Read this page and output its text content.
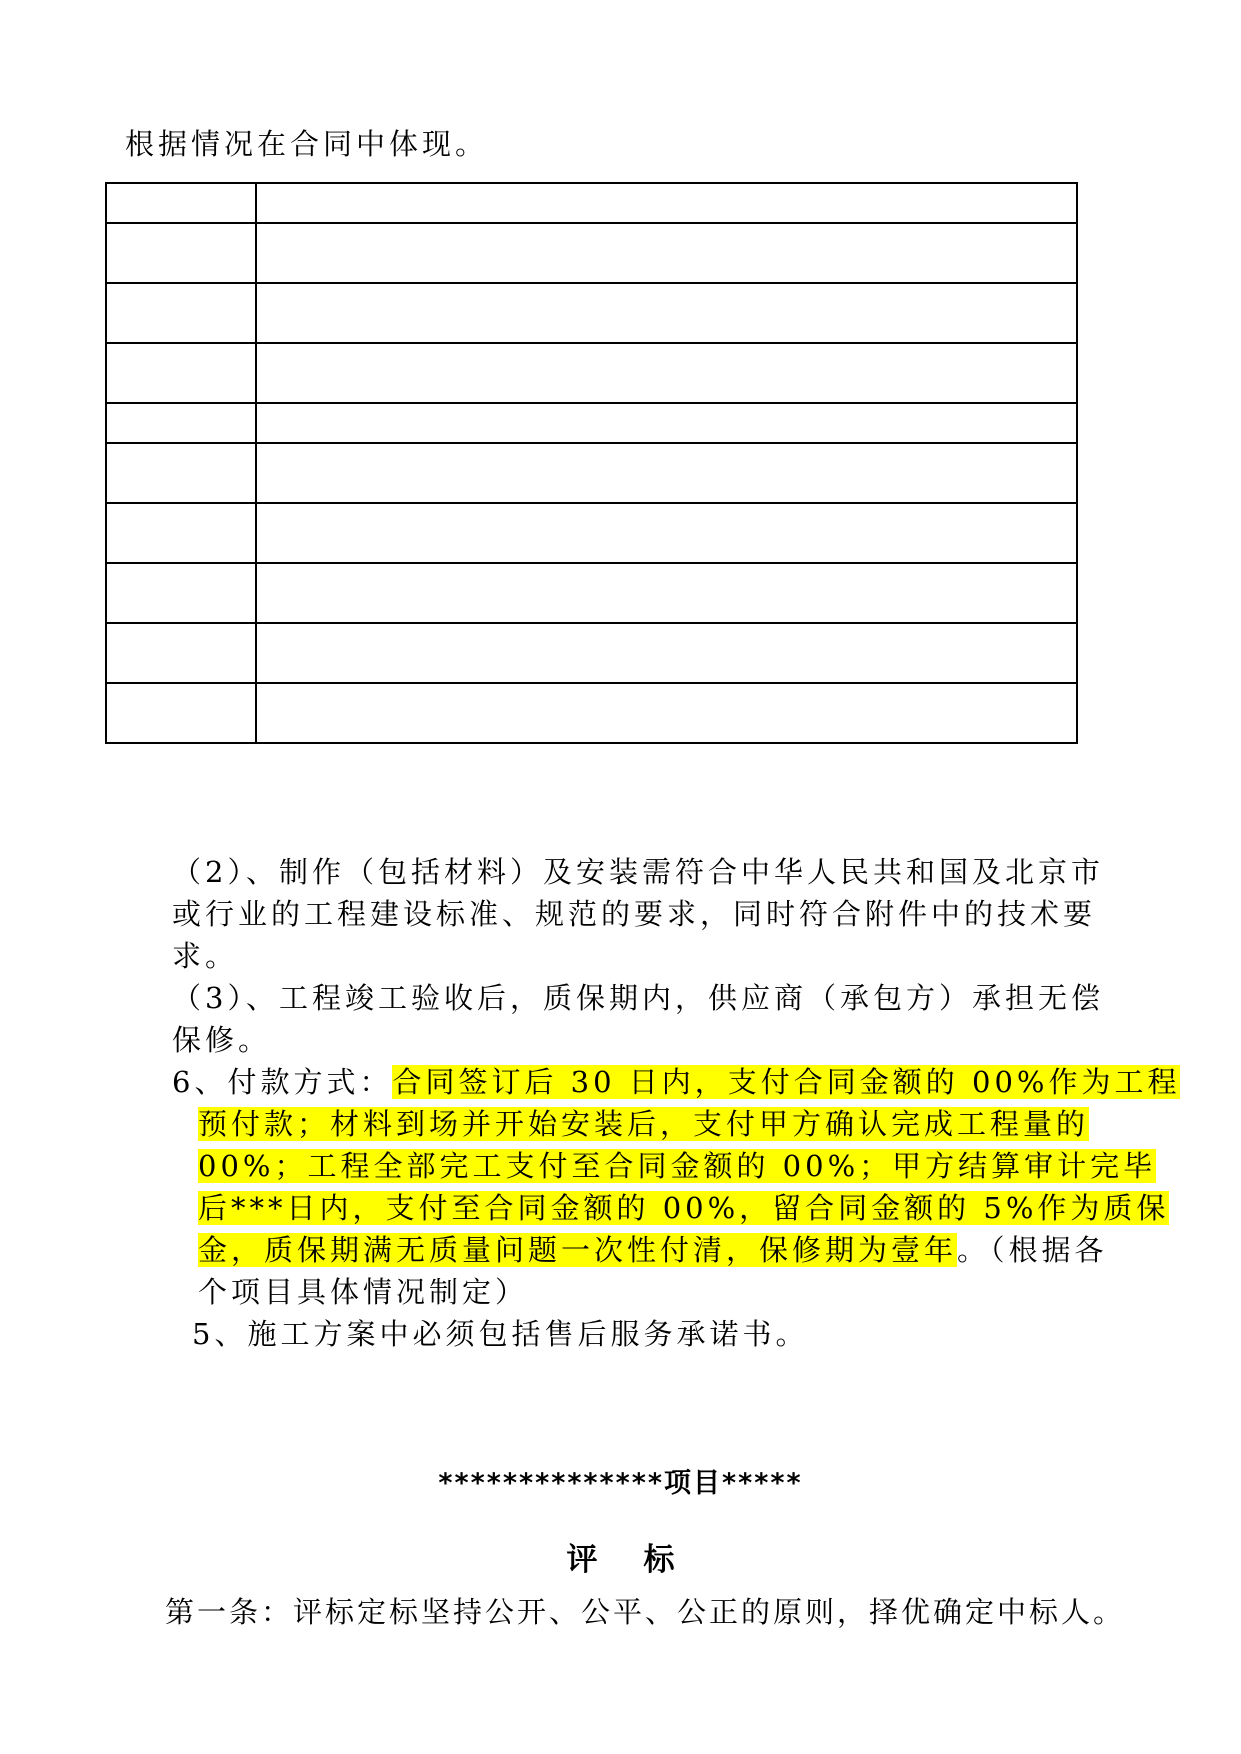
根据情况在合同中体现。

（2）、制作（包括材料）及安装需符合中华人民共和国及北京市
或行业的工程建设标准、规范的要求，同时符合附件中的技术要
求。
（3）、工程竣工验收后，质保期内，供应商（承包方）承担无偿
保修。
6、付款方式：合同签订后 30 日内，支付合同金额的 00%作为工程
预付款；材料到场并开始安装后，支付甲方确认完成工程量的
00%；工程全部完工支付至合同金额的 00%；甲方结算审计完毕
后***日内，支付至合同金额的 00%，留合同金额的 5%作为质保
金，质保期满无质量问题一次性付清，保修期为壹年。（根据各
个项目具体情况制定）
5、施工方案中必须包括售后服务承诺书。
**************项目*****
评标
第一条：评标定标坚持公开、公平、公正的原则，择优确定中标人。
